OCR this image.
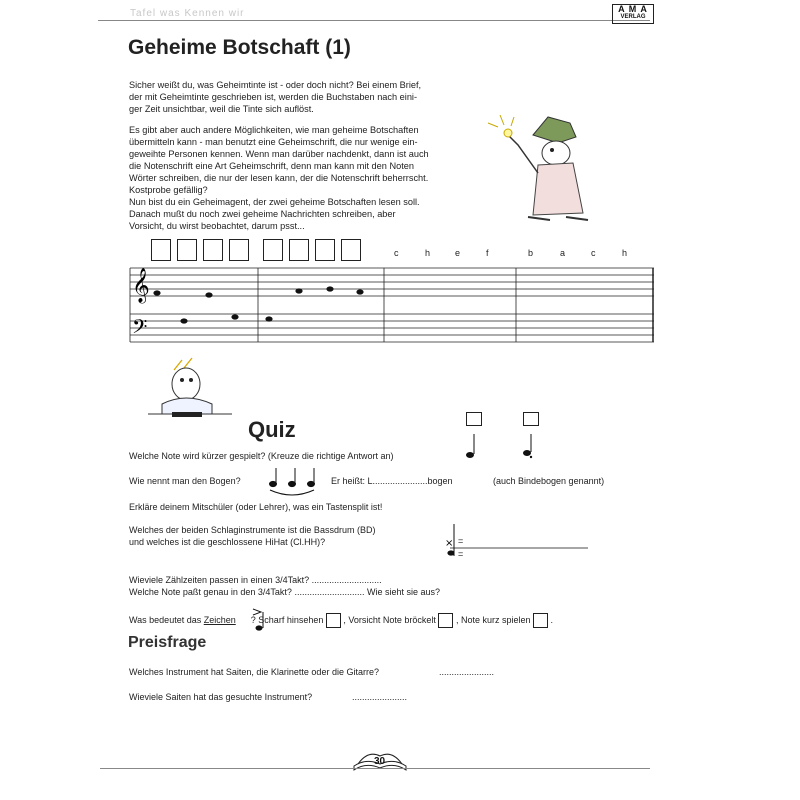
Tafel was Kennen wir	A M A
VERLAG
Geheime Botschaft (1)
Sicher weißt du, was Geheimtinte ist - oder doch nicht? Bei einem Brief,
der mit Geheimtinte geschrieben ist, werden die Buchstaben nach eini-
ger Zeit unsichtbar, weil die Tinte sich auflöst.
Es gibt aber auch andere Möglichkeiten, wie man geheime Botschaften
übermitteln kann - man benutzt eine Geheimschrift, die nur wenige ein-
geweihte Personen kennen. Wenn man darüber nachdenkt, dann ist auch
die Notenschrift eine Art Geheimschrift, denn man kann mit den Noten
Wörter schreiben, die nur der lesen kann, der die Notenschrift beherrscht.
Kostprobe gefällig?
Nun bist du ein Geheimagent, der zwei geheime Botschaften lesen soll.
Danach mußt du noch zwei geheime Nachrichten schreiben, aber
Vorsicht, du wirst beobachtet, darum psst...
c	h	e	f	b	a	c	h
𝄞
𝄢
Quiz
Welche Note wird kürzer gespielt? (Kreuze die richtige Antwort an)
Wie nennt man den Bogen?	Er heißt: L......................bogen	(auch Bindebogen genannt)
Erkläre deinem Mitschüler (oder Lehrer), was ein Tastensplit ist!
Welches der beiden Schlaginstrumente ist die Bassdrum (BD)
und welches ist die geschlossene HiHat (Cl.HH)?	× =
=
Wieviele Zählzeiten passen in einen 3/4Takt? ............................
Welche Note paßt genau in den 3/4Takt? ............................ Wie sieht sie aus?
Was bedeutet das Zeichen ? Scharf hinsehen , Vorsicht Note bröckelt , Note kurz spielen .
Preisfrage
Welches Instrument hat Saiten, die Klarinette oder die Gitarre?	......................
Wieviele Saiten hat das gesuchte Instrument?	......................
30
